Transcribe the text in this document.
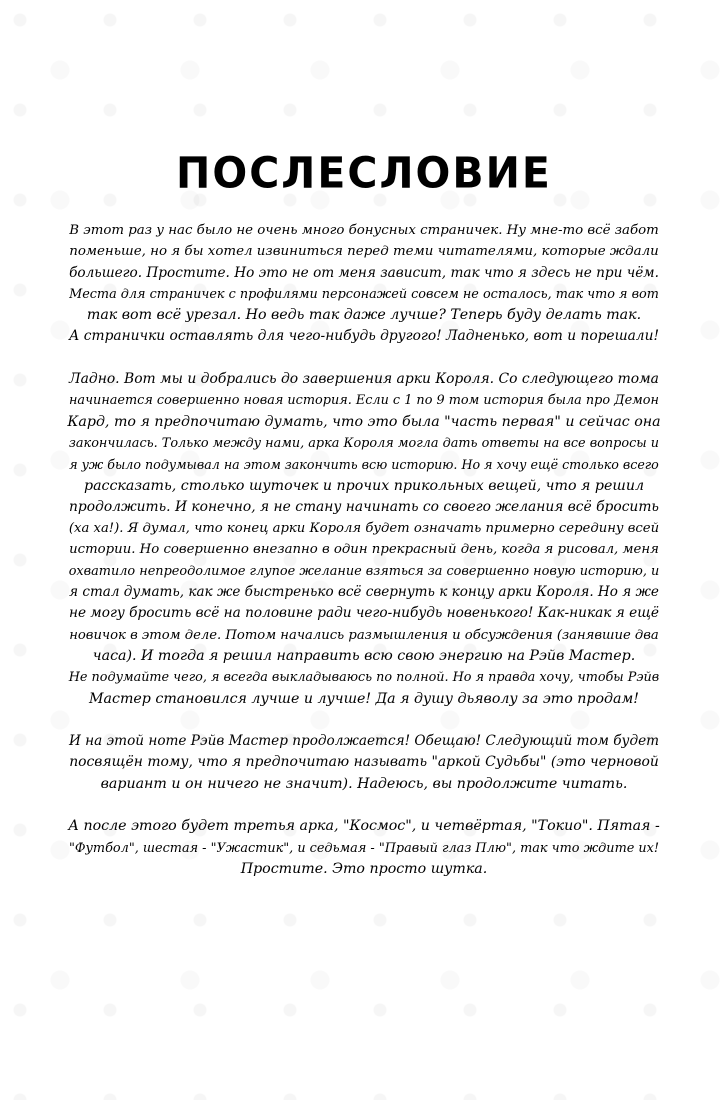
ПОСЛЕСЛОВИЕ

В этот раз у нас было не очень много бонусных страничек. Ну мне-то всё забот
поменьше, но я бы хотел извиниться перед теми читателями, которые ждали
большего. Простите. Но это не от меня зависит, так что я здесь не при чём.
Места для страничек с профилями персонажей совсем не осталось, так что я вот
так вот всё урезал. Но ведь так даже лучше? Теперь буду делать так.
А странички оставлять для чего-нибудь другого! Ладненько, вот и порешали!

Ладно. Вот мы и добрались до завершения арки Короля. Со следующего тома
начинается совершенно новая история. Если с 1 по 9 том история была про Демон
Кард, то я предпочитаю думать, что это была "часть первая" и сейчас она
закончилась. Только между нами, арка Короля могла дать ответы на все вопросы и
я уж было подумывал на этом закончить всю историю. Но я хочу ещё столько всего
рассказать, столько шуточек и прочих прикольных вещей, что я решил
продолжить. И конечно, я не стану начинать со своего желания всё бросить
(ха ха!). Я думал, что конец арки Короля будет означать примерно середину всей
истории. Но совершенно внезапно в один прекрасный день, когда я рисовал, меня
охватило непреодолимое глупое желание взяться за совершенно новую историю, и
я стал думать, как же быстренько всё свернуть к концу арки Короля. Но я же
не могу бросить всё на половине ради чего-нибудь новенького! Как-никак я ещё
новичок в этом деле. Потом начались размышления и обсуждения (занявшие два
часа). И тогда я решил направить всю свою энергию на Рэйв Мастер.
Не подумайте чего, я всегда выкладываюсь по полной. Но я правда хочу, чтобы Рэйв
Мастер становился лучше и лучше! Да я душу дьяволу за это продам!

И на этой ноте Рэйв Мастер продолжается! Обещаю! Следующий том будет
посвящён тому, что я предпочитаю называть "аркой Судьбы" (это черновой
вариант и он ничего не значит). Надеюсь, вы продолжите читать.

А после этого будет третья арка, "Космос", и четвёртая, "Токио". Пятая -
"Футбол", шестая - "Ужастик", и седьмая - "Правый глаз Плю", так что ждите их!
Простите. Это просто шутка.
